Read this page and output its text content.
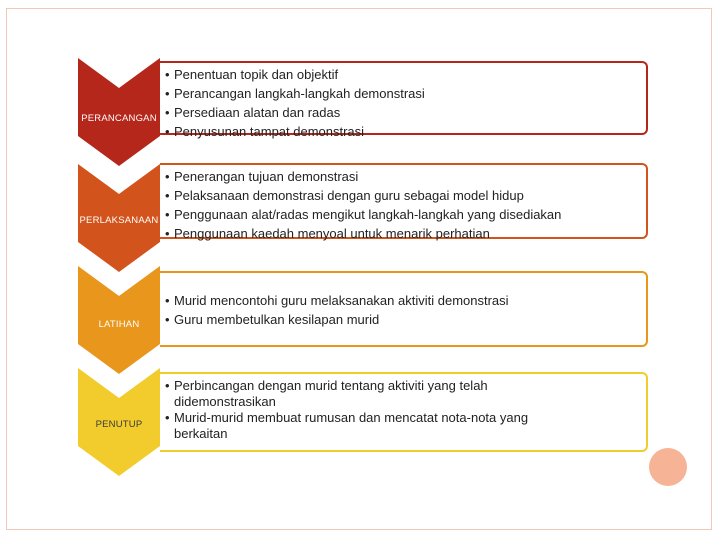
PERANCANGAN
• Penentuan topik dan objektif
• Perancangan langkah-langkah demonstrasi
• Persediaan alatan dan radas
• Penyusunan tampat demonstrasi
PERLAKSANAAN
• Penerangan tujuan demonstrasi
• Pelaksanaan demonstrasi dengan guru sebagai model hidup
• Penggunaan alat/radas mengikut langkah-langkah yang disediakan
• Penggunaan kaedah menyoal untuk menarik perhatian
LATIHAN
• Murid mencontohi guru melaksanakan aktiviti demonstrasi
• Guru membetulkan kesilapan murid
PENUTUP
• Perbincangan dengan murid tentang aktiviti yang telah didemonstrasikan
• Murid-murid membuat rumusan dan mencatat nota-nota yang berkaitan
